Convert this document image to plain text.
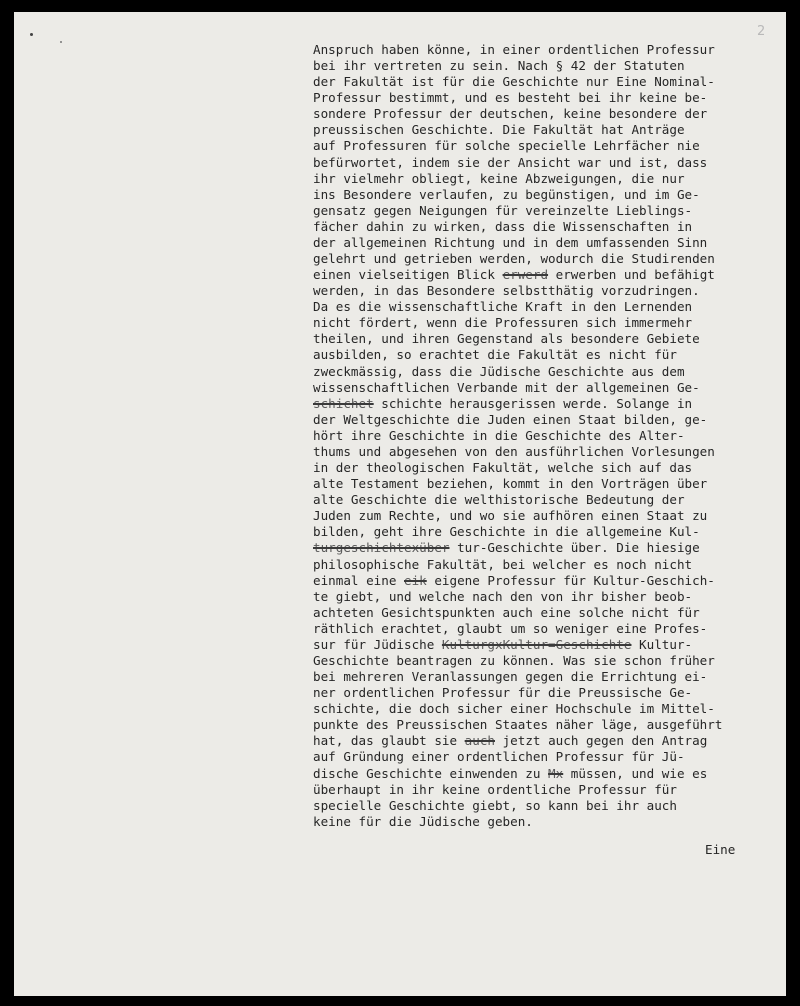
2
Anspruch haben könne, in einer ordentlichen Professur
bei ihr vertreten zu sein. Nach § 42 der Statuten
der Fakultät ist für die Geschichte nur Eine Nominal-
Professur bestimmt, und es besteht bei ihr keine be-
sondere Professur der deutschen, keine besondere der
preussischen Geschichte. Die Fakultät hat Anträge
auf Professuren für solche specielle Lehrfächer nie
befürwortet, indem sie der Ansicht war und ist, dass
ihr vielmehr obliegt, keine Abzweigungen, die nur
ins Besondere verlaufen, zu begünstigen, und im Ge-
gensatz gegen Neigungen für vereinzelte Lieblings-
fächer dahin zu wirken, dass die Wissenschaften in
der allgemeinen Richtung und in dem umfassenden Sinn
gelehrt und getrieben werden, wodurch die Studirenden
einen vielseitigen Blick erwerd erwerben und befähigt
werden, in das Besondere selbstthätig vorzudringen.
Da es die wissenschaftliche Kraft in den Lernenden
nicht fördert, wenn die Professuren sich immermehr
theilen, und ihren Gegenstand als besondere Gebiete
ausbilden, so erachtet die Fakultät es nicht für
zweckmässig, dass die Jüdische Geschichte aus dem
wissenschaftlichen Verbande mit der allgemeinen Ge-
schichet schichte herausgerissen werde. Solange in
der Weltgeschichte die Juden einen Staat bilden, ge-
hört ihre Geschichte in die Geschichte des Alter-
thums und abgesehen von den ausführlichen Vorlesungen
in der theologischen Fakultät, welche sich auf das
alte Testament beziehen, kommt in den Vorträgen über
alte Geschichte die welthistorische Bedeutung der
Juden zum Rechte, und wo sie aufhören einen Staat zu
bilden, geht ihre Geschichte in die allgemeine Kul-
turgeschichtexüber tur-Geschichte über. Die hiesige
philosophische Fakultät, bei welcher es noch nicht
einmal eine eik eigene Professur für Kultur-Geschich-
te giebt, und welche nach den von ihr bisher beob-
achteten Gesichtspunkten auch eine solche nicht für
räthlich erachtet, glaubt um so weniger eine Profes-
sur für Jüdische KulturgxKultur=Geschichte Kultur-
Geschichte beantragen zu können. Was sie schon früher
bei mehreren Veranlassungen gegen die Errichtung ei-
ner ordentlichen Professur für die Preussische Ge-
schichte, die doch sicher einer Hochschule im Mittel-
punkte des Preussischen Staates näher läge, ausgeführt
hat, das glaubt sie auch jetzt auch gegen den Antrag
auf Gründung einer ordentlichen Professur für Jü-
dische Geschichte einwenden zu Mx müssen, und wie es
überhaupt in ihr keine ordentliche Professur für
specielle Geschichte giebt, so kann bei ihr auch
keine für die Jüdische geben.
Eine
